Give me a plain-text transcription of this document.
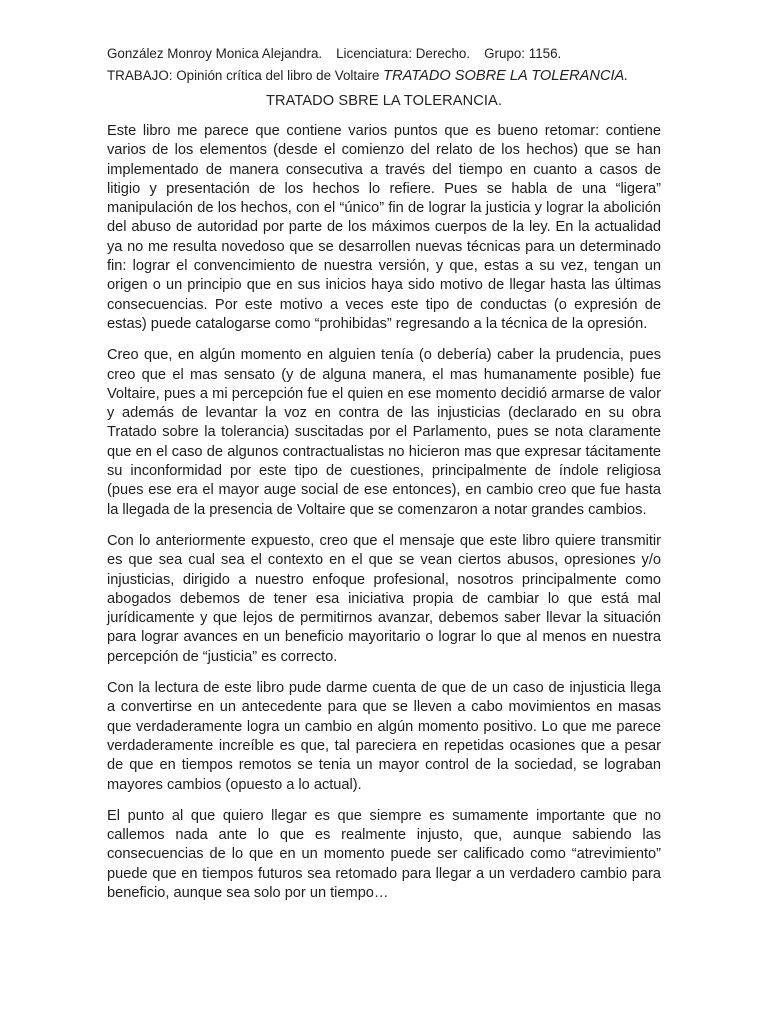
González Monroy Monica Alejandra. Licenciatura: Derecho. Grupo: 1156.
TRABAJO: Opinión crítica del libro de Voltaire TRATADO SOBRE LA TOLERANCIA.
TRATADO SBRE LA TOLERANCIA.

Este libro me parece que contiene varios puntos que es bueno retomar: contiene varios de los elementos (desde el comienzo del relato de los hechos) que se han implementado de manera consecutiva a través del tiempo en cuanto a casos de litigio y presentación de los hechos lo refiere. Pues se habla de una “ligera” manipulación de los hechos, con el “único” fin de lograr la justicia y lograr la abolición del abuso de autoridad por parte de los máximos cuerpos de la ley. En la actualidad ya no me resulta novedoso que se desarrollen nuevas técnicas para un determinado fin: lograr el convencimiento de nuestra versión, y que, estas a su vez, tengan un origen o un principio que en sus inicios haya sido motivo de llegar hasta las últimas consecuencias. Por este motivo a veces este tipo de conductas (o expresión de estas) puede catalogarse como “prohibidas” regresando a la técnica de la opresión.

Creo que, en algún momento en alguien tenía (o debería) caber la prudencia, pues creo que el mas sensato (y de alguna manera, el mas humanamente posible) fue Voltaire, pues a mi percepción fue el quien en ese momento decidió armarse de valor y además de levantar la voz en contra de las injusticias (declarado en su obra Tratado sobre la tolerancia) suscitadas por el Parlamento, pues se nota claramente que en el caso de algunos contractualistas no hicieron mas que expresar tácitamente su inconformidad por este tipo de cuestiones, principalmente de índole religiosa (pues ese era el mayor auge social de ese entonces), en cambio creo que fue hasta la llegada de la presencia de Voltaire que se comenzaron a notar grandes cambios.

Con lo anteriormente expuesto, creo que el mensaje que este libro quiere transmitir es que sea cual sea el contexto en el que se vean ciertos abusos, opresiones y/o injusticias, dirigido a nuestro enfoque profesional, nosotros principalmente como abogados debemos de tener esa iniciativa propia de cambiar lo que está mal jurídicamente y que lejos de permitirnos avanzar, debemos saber llevar la situación para lograr avances en un beneficio mayoritario o lograr lo que al menos en nuestra percepción de “justicia” es correcto.

Con la lectura de este libro pude darme cuenta de que de un caso de injusticia llega a convertirse en un antecedente para que se lleven a cabo movimientos en masas que verdaderamente logra un cambio en algún momento positivo. Lo que me parece verdaderamente increíble es que, tal pareciera en repetidas ocasiones que a pesar de que en tiempos remotos se tenia un mayor control de la sociedad, se lograban mayores cambios (opuesto a lo actual).

El punto al que quiero llegar es que siempre es sumamente importante que no callemos nada ante lo que es realmente injusto, que, aunque sabiendo las consecuencias de lo que en un momento puede ser calificado como “atrevimiento” puede que en tiempos futuros sea retomado para llegar a un verdadero cambio para beneficio, aunque sea solo por un tiempo…
